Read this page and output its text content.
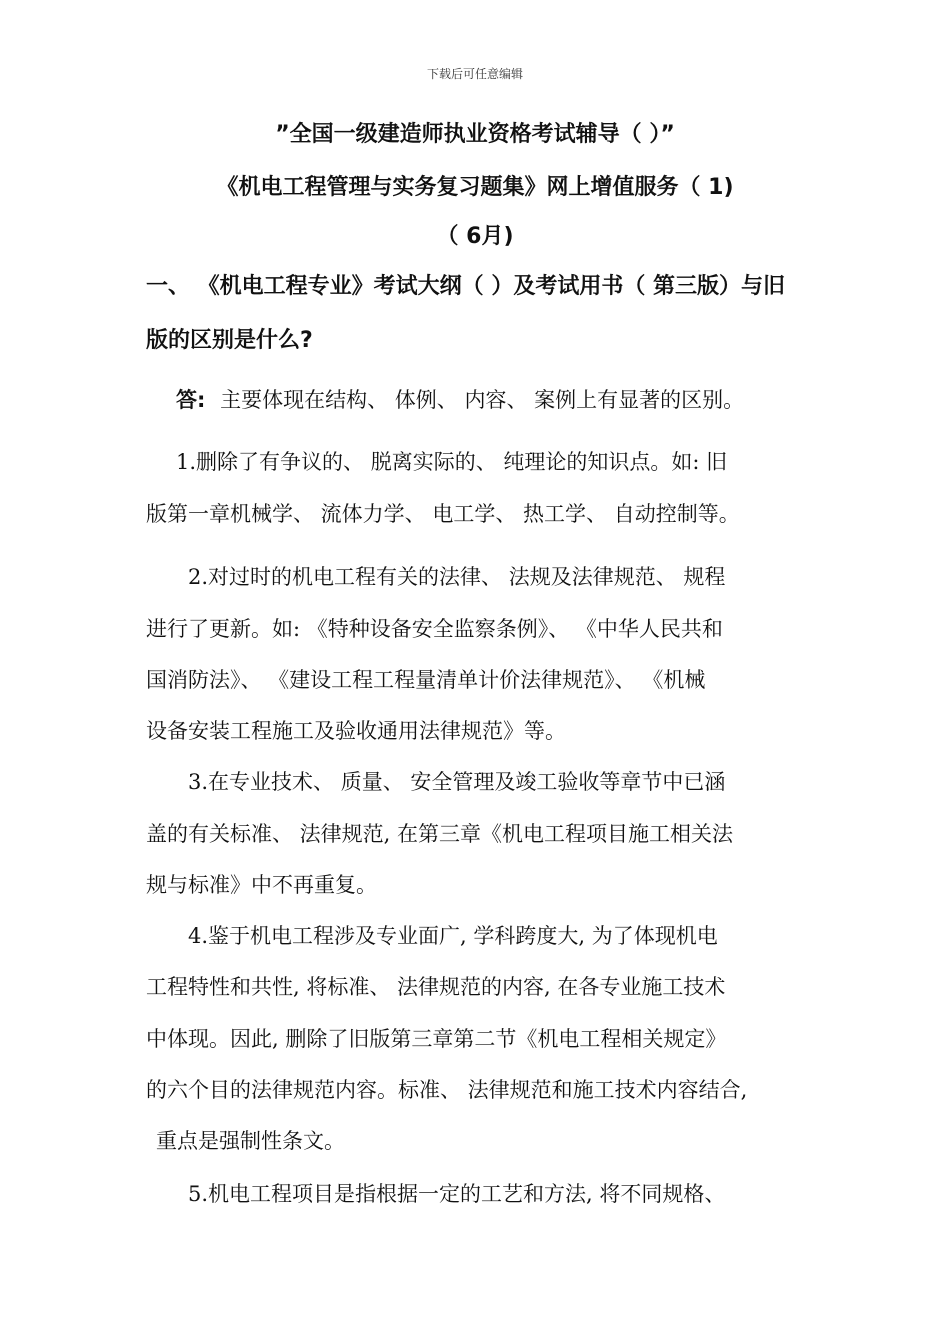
下载后可任意编辑
”全国一级建造师执业资格考试辅导（ ）”
《机电工程管理与实务复习题集》网上增值服务（ 1)
（ 6月)
一、 《机电工程专业》考试大纲（ ）及考试用书（ 第三版）与旧
版的区别是什么?
答: 主要体现在结构、 体例、 内容、 案例上有显著的区别。
1.删除了有争议的、 脱离实际的、 纯理论的知识点。如: 旧
版第一章机械学、 流体力学、 电工学、 热工学、 自动控制等。
2.对过时的机电工程有关的法律、 法规及法律规范、 规程
进行了更新。如: 《特种设备安全监察条例》、 《中华人民共和
国消防法》、 《建设工程工程量清单计价法律规范》、 《机械
设备安装工程施工及验收通用法律规范》等。
3.在专业技术、 质量、 安全管理及竣工验收等章节中已涵
盖的有关标准、 法律规范, 在第三章《机电工程项目施工相关法
规与标准》中不再重复。
4.鉴于机电工程涉及专业面广, 学科跨度大, 为了体现机电
工程特性和共性, 将标准、 法律规范的内容, 在各专业施工技术
中体现。因此, 删除了旧版第三章第二节《机电工程相关规定》
的六个目的法律规范内容。标准、 法律规范和施工技术内容结合,
重点是强制性条文。
5.机电工程项目是指根据一定的工艺和方法, 将不同规格、
